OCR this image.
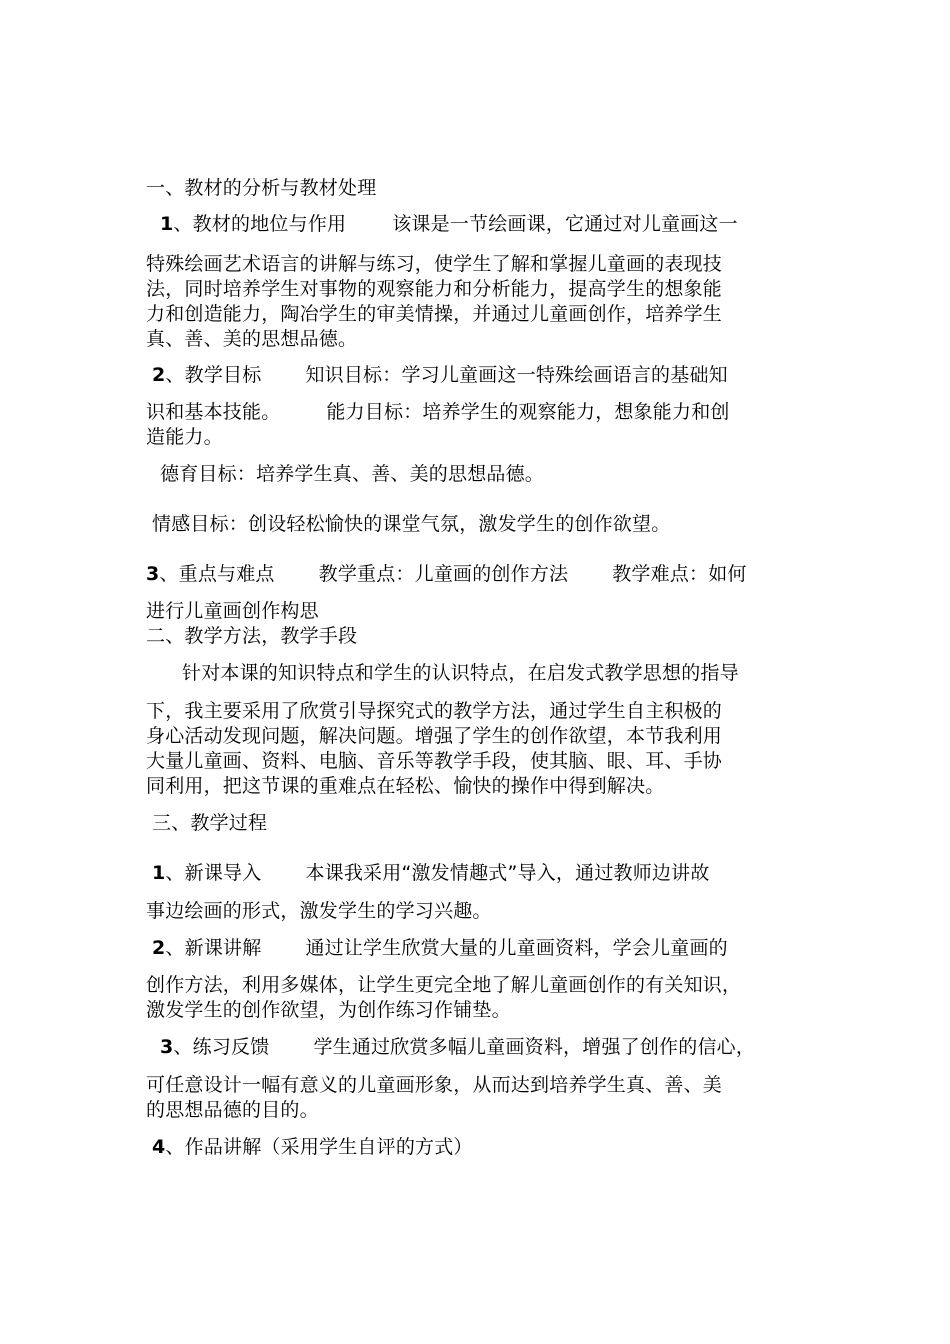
一、教材的分析与教材处理
1、教材的地位与作用 该课是一节绘画课，它通过对儿童画这一
特殊绘画艺术语言的讲解与练习，使学生了解和掌握儿童画的表现技
法，同时培养学生对事物的观察能力和分析能力，提高学生的想象能
力和创造能力，陶冶学生的审美情操，并通过儿童画创作，培养学生
真、善、美的思想品德。
2、教学目标 知识目标：学习儿童画这一特殊绘画语言的基础知
识和基本技能。 能力目标：培养学生的观察能力，想象能力和创
造能力。
德育目标：培养学生真、善、美的思想品德。
情感目标：创设轻松愉快的课堂气氛，激发学生的创作欲望。
3、重点与难点 教学重点：儿童画的创作方法 教学难点：如何
进行儿童画创作构思
二、教学方法，教学手段
针对本课的知识特点和学生的认识特点，在启发式教学思想的指导
下，我主要采用了欣赏引导探究式的教学方法，通过学生自主积极的
身心活动发现问题，解决问题。增强了学生的创作欲望，本节我利用
大量儿童画、资料、电脑、音乐等教学手段，使其脑、眼、耳、手协
同利用，把这节课的重难点在轻松、愉快的操作中得到解决。
三、教学过程
1、新课导入 本课我采用“激发情趣式”导入，通过教师边讲故
事边绘画的形式，激发学生的学习兴趣。
2、新课讲解 通过让学生欣赏大量的儿童画资料，学会儿童画的
创作方法，利用多媒体，让学生更完全地了解儿童画创作的有关知识，
激发学生的创作欲望，为创作练习作铺垫。
3、练习反馈 学生通过欣赏多幅儿童画资料，增强了创作的信心，
可任意设计一幅有意义的儿童画形象，从而达到培养学生真、善、美
的思想品德的目的。
4、作品讲解（采用学生自评的方式）
